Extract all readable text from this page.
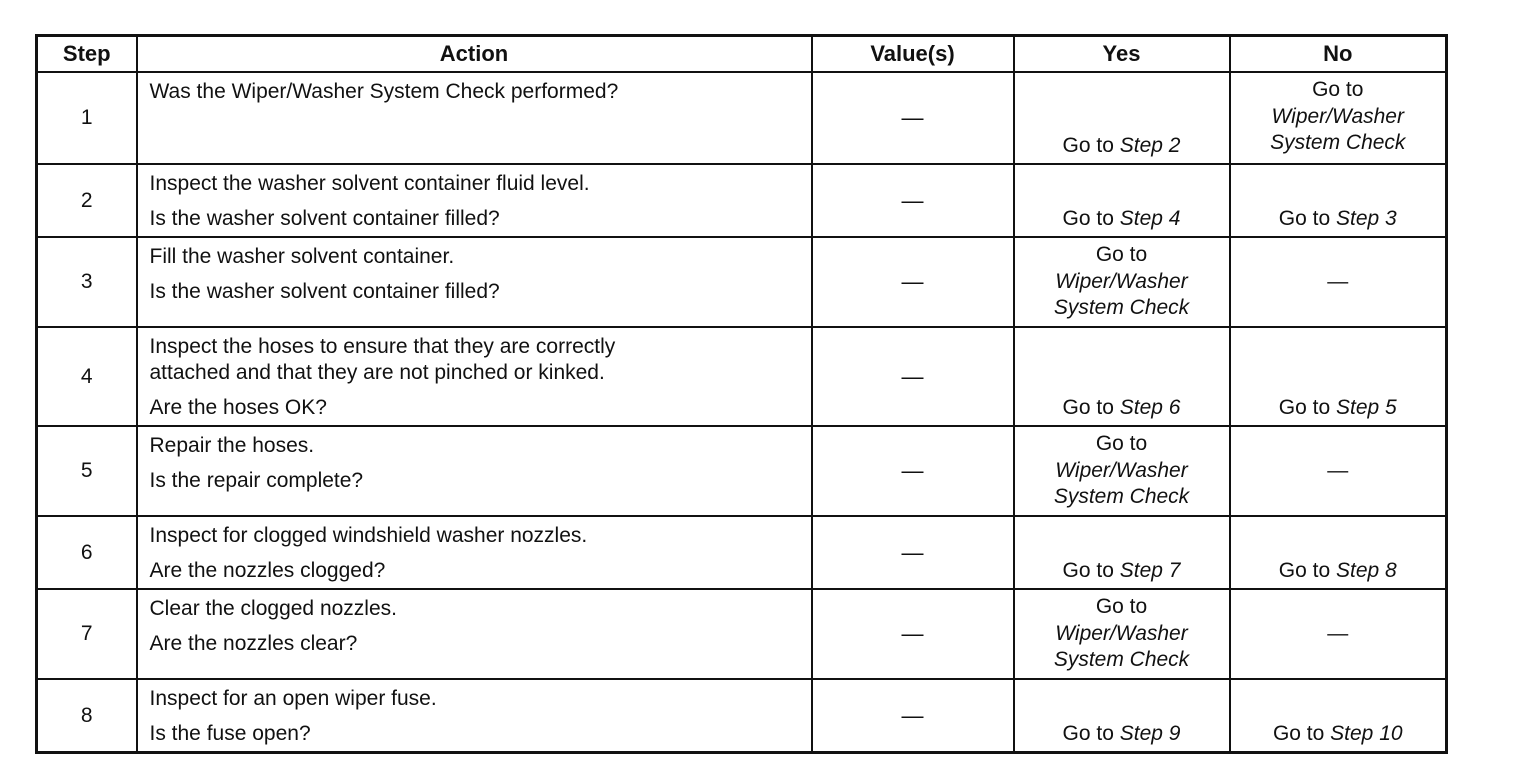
Step	Action	Value(s)	Yes	No
1	Was the Wiper/Washer System Check performed?	—	Go to Step 2	Go to
Wiper/Washer
System Check

2	Inspect the washer solvent container fluid level.
Is the washer solvent container filled?	—	Go to Step 4	Go to Step 3
3	Fill the washer solvent container.
Is the washer solvent container filled?	—	Go to
Wiper/Washer
System Check	—
4	Inspect the hoses to ensure that they are correctly
attached and that they are not pinched or kinked.
Are the hoses OK?	—	Go to Step 6	Go to Step 5
5	Repair the hoses.
Is the repair complete?	—	Go to
Wiper/Washer
System Check	—
6	Inspect for clogged windshield washer nozzles.
Are the nozzles clogged?	—	Go to Step 7	Go to Step 8
7	Clear the clogged nozzles.
Are the nozzles clear?	—	Go to
Wiper/Washer
System Check	—
8	Inspect for an open wiper fuse.
Is the fuse open?	—	Go to Step 9	Go to Step 10
